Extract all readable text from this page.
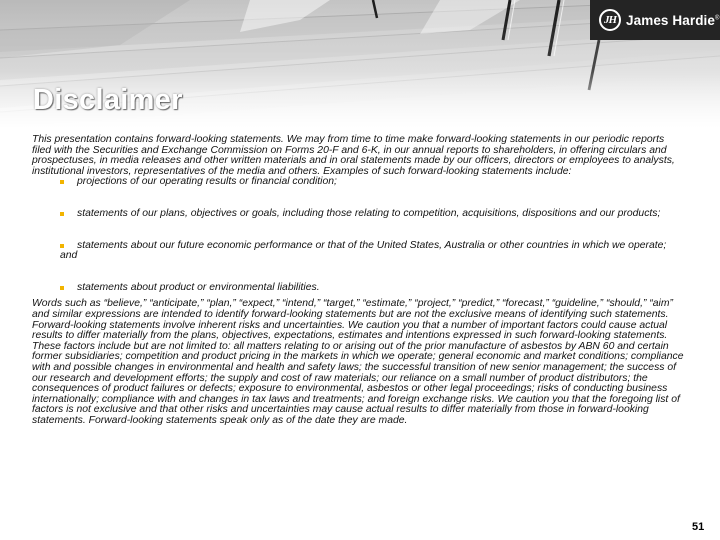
JH James Hardie®
Disclaimer

This presentation contains forward-looking statements. We may from time to time make forward-looking statements in our periodic reports filed with the Securities and Exchange Commission on Forms 20-F and 6-K, in our annual reports to shareholders, in offering circulars and prospectuses, in media releases and other written materials and in oral statements made by our officers, directors or employees to analysts, institutional investors, representatives of the media and others. Examples of such forward-looking statements include:

projections of our operating results or financial condition;
statements of our plans, objectives or goals, including those relating to competition, acquisitions, dispositions and our products;
statements about our future economic performance or that of the United States, Australia or other countries in which we operate; and
statements about product or environmental liabilities.

Words such as “believe,” “anticipate,” “plan,” “expect,” “intend,” “target,” “estimate,” “project,” “predict,” “forecast,” “guideline,” “should,” “aim” and similar expressions are intended to identify forward-looking statements but are not the exclusive means of identifying such statements.

Forward-looking statements involve inherent risks and uncertainties. We caution you that a number of important factors could cause actual results to differ materially from the plans, objectives, expectations, estimates and intentions expressed in such forward-looking statements. These factors include but are not limited to: all matters relating to or arising out of the prior manufacture of asbestos by ABN 60 and certain former subsidiaries; competition and product pricing in the markets in which we operate; general economic and market conditions; compliance with and possible changes in environmental and health and safety laws; the successful transition of new senior management; the success of our research and development efforts; the supply and cost of raw materials; our reliance on a small number of product distributors; the consequences of product failures or defects; exposure to environmental, asbestos or other legal proceedings; risks of conducting business internationally; compliance with and changes in tax laws and treatments; and foreign exchange risks. We caution you that the foregoing list of factors is not exclusive and that other risks and uncertainties may cause actual results to differ materially from those in forward-looking statements. Forward-looking statements speak only as of the date they are made.

51
